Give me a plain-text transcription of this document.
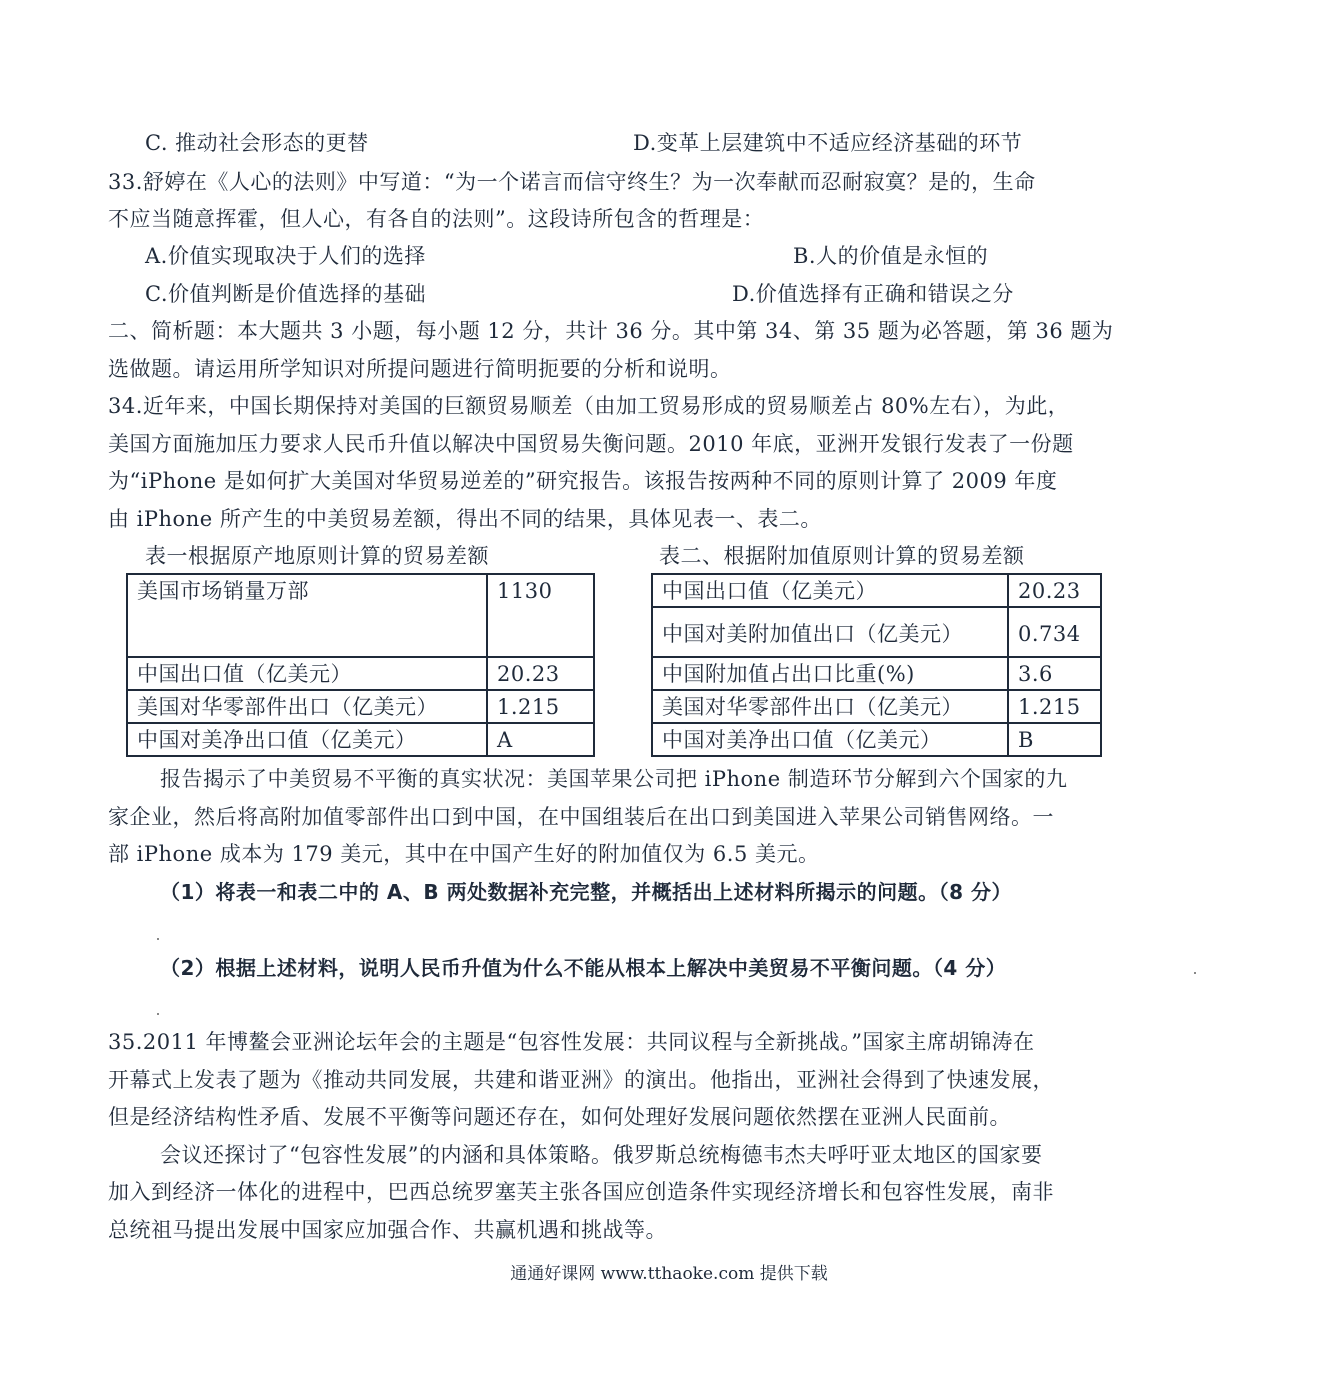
C. 推动社会形态的更替	D.变革上层建筑中不适应经济基础的环节
33.舒婷在《人心的法则》中写道：“为一个诺言而信守终生？为一次奉献而忍耐寂寞？是的，生命
不应当随意挥霍，但人心，有各自的法则”。这段诗所包含的哲理是：
A.价值实现取决于人们的选择	B.人的价值是永恒的
C.价值判断是价值选择的基础	D.价值选择有正确和错误之分
二、简析题：本大题共 3 小题，每小题 12 分，共计 36 分。其中第 34、第 35 题为必答题，第 36 题为
选做题。请运用所学知识对所提问题进行简明扼要的分析和说明。
34.近年来，中国长期保持对美国的巨额贸易顺差（由加工贸易形成的贸易顺差占 80%左右），为此，
美国方面施加压力要求人民币升值以解决中国贸易失衡问题。2010 年底，亚洲开发银行发表了一份题
为“iPhone 是如何扩大美国对华贸易逆差的”研究报告。该报告按两种不同的原则计算了 2009 年度
由 iPhone 所产生的中美贸易差额，得出不同的结果，具体见表一、表二。
表一根据原产地原则计算的贸易差额	表二、根据附加值原则计算的贸易差额
美国市场销量万部	1130
中国出口值（亿美元）	20.23
美国对华零部件出口（亿美元）	1.215
中国对美净出口值（亿美元）	A
中国出口值（亿美元）	20.23
中国对美附加值出口（亿美元）	0.734
中国附加值占出口比重(%)	3.6
美国对华零部件出口（亿美元）	1.215
中国对美净出口值（亿美元）	B
报告揭示了中美贸易不平衡的真实状况：美国苹果公司把 iPhone 制造环节分解到六个国家的九
家企业，然后将高附加值零部件出口到中国，在中国组装后在出口到美国进入苹果公司销售网络。一
部 iPhone 成本为 179 美元，其中在中国产生好的附加值仅为 6.5 美元。
（1）将表一和表二中的 A、B 两处数据补充完整，并概括出上述材料所揭示的问题。（8 分）
（2）根据上述材料，说明人民币升值为什么不能从根本上解决中美贸易不平衡问题。（4 分）
35.2011 年博鳌会亚洲论坛年会的主题是“包容性发展：共同议程与全新挑战。”国家主席胡锦涛在
开幕式上发表了题为《推动共同发展，共建和谐亚洲》的演出。他指出，亚洲社会得到了快速发展，
但是经济结构性矛盾、发展不平衡等问题还存在，如何处理好发展问题依然摆在亚洲人民面前。
会议还探讨了“包容性发展”的内涵和具体策略。俄罗斯总统梅德韦杰夫呼吁亚太地区的国家要
加入到经济一体化的进程中，巴西总统罗塞芙主张各国应创造条件实现经济增长和包容性发展，南非
总统祖马提出发展中国家应加强合作、共赢机遇和挑战等。
通通好课网 www.tthaoke.com 提供下载
